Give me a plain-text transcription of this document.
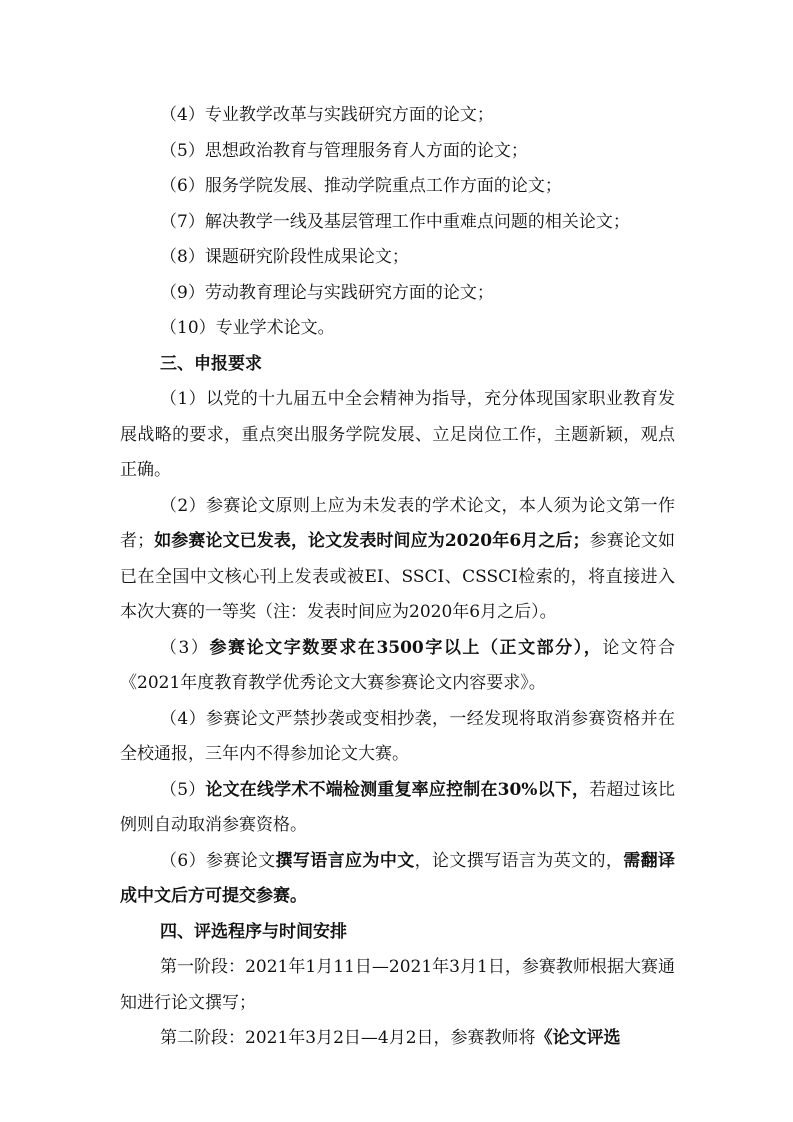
（4）专业教学改革与实践研究方面的论文；

（5）思想政治教育与管理服务育人方面的论文；

（6）服务学院发展、推动学院重点工作方面的论文；

（7）解决教学一线及基层管理工作中重难点问题的相关论文；

（8）课题研究阶段性成果论文；

（9）劳动教育理论与实践研究方面的论文；

（10）专业学术论文。

三、申报要求

（1）以党的十九届五中全会精神为指导，充分体现国家职业教育发展战略的要求，重点突出服务学院发展、立足岗位工作，主题新颖，观点正确。

（2）参赛论文原则上应为未发表的学术论文，本人须为论文第一作者；如参赛论文已发表，论文发表时间应为2020年6月之后；参赛论文如已在全国中文核心刊上发表或被EI、SSCI、CSSCI检索的，将直接进入本次大赛的一等奖（注：发表时间应为2020年6月之后）。

（3）参赛论文字数要求在3500字以上（正文部分），论文符合《2021年度教育教学优秀论文大赛参赛论文内容要求》。

（4）参赛论文严禁抄袭或变相抄袭，一经发现将取消参赛资格并在全校通报，三年内不得参加论文大赛。

（5）论文在线学术不端检测重复率应控制在30%以下，若超过该比例则自动取消参赛资格。

（6）参赛论文撰写语言应为中文，论文撰写语言为英文的，需翻译成中文后方可提交参赛。

四、评选程序与时间安排

第一阶段：2021年1月11日—2021年3月1日，参赛教师根据大赛通知进行论文撰写；

第二阶段：2021年3月2日—4月2日，参赛教师将《论文评选
